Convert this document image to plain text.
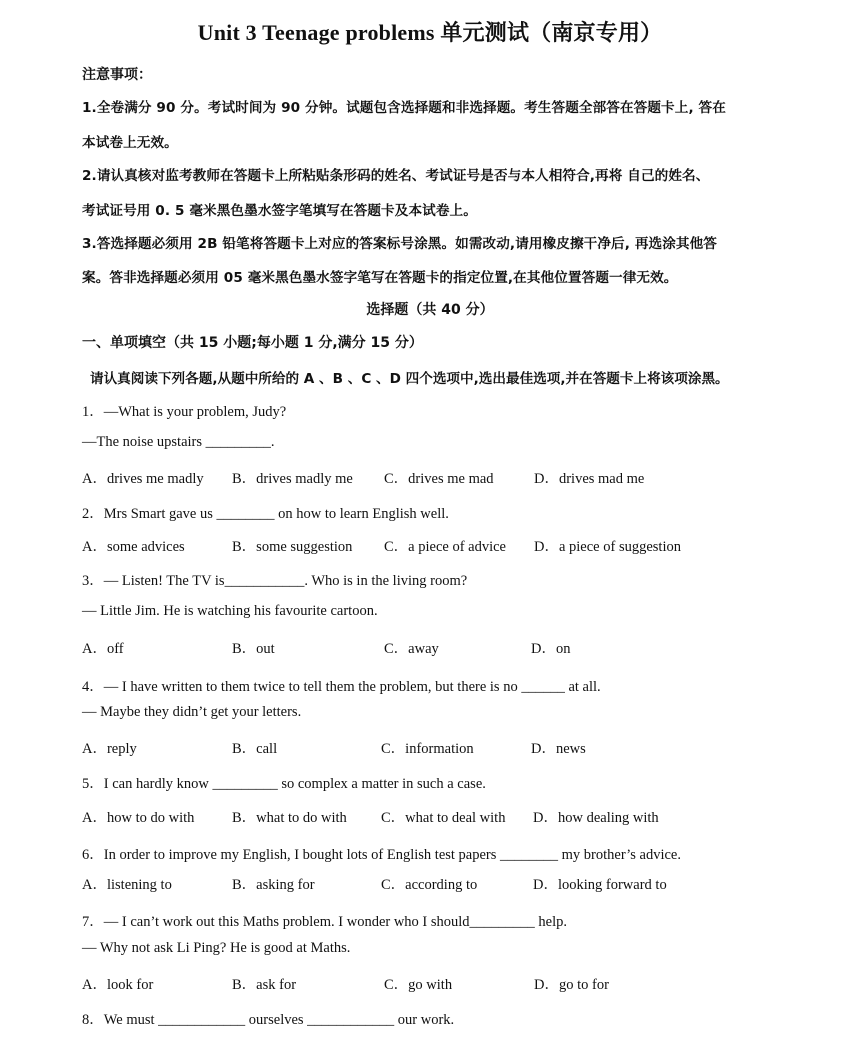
Unit 3 Teenage problems 单元测试（南京专用）
注意事项：
1.全卷满分 90 分。考试时间为 90 分钟。试题包含选择题和非选择题。考生答题全部答在答题卡上, 答在
本试卷上无效。
2.请认真核对监考教师在答题卡上所粘贴条形码的姓名、考试证号是否与本人相符合,再将 自己的姓名、
考试证号用 0. 5 毫米黑色墨水签字笔填写在答题卡及本试卷上。
3.答选择题必须用 2B 铅笔将答题卡上对应的答案标号涂黑。如需改动,请用橡皮擦干净后, 再选涂其他答
案。答非选择题必须用 05 毫米黑色墨水签字笔写在答题卡的指定位置,在其他位置答题一律无效。
选择题（共 40 分）
一、单项填空（共 15 小题;每小题 1 分,满分 15 分）
请认真阅读下列各题,从题中所给的 A 、B 、C 、D 四个选项中,选出最佳选项,并在答题卡上将该项涂黑。
1．—What is your problem, Judy?
—The noise upstairs _________.
A．drives me madly B．drives madly me C．drives me mad	D．drives mad me
2．Mrs Smart gave us ________ on how to learn English well.
A．some advices	B．some suggestion C．a piece of advice D．a piece of suggestion
3．— Listen! The TV is___________. Who is in the living room?
— Little Jim. He is watching his favourite cartoon.
A．off	B．out	C．away	D．on
4．— I have written to them twice to tell them the problem, but there is no ______ at all.
— Maybe they didn’t get your letters.
A．reply	B．call	C．information	D．news
5．I can hardly know _________ so complex a matter in such a case.
A．how to do with	B．what to do with C．what to deal with D．how dealing with
6．In order to improve my English, I bought lots of English test papers ________ my brother’s advice.
A．listening to	B．asking for	C．according to	D．looking forward to
7．— I can’t work out this Maths problem. I wonder who I should_________ help.
— Why not ask Li Ping? He is good at Maths.
A．look for	B．ask for	C．go with	D．go to for
8．We must ____________ ourselves ____________ our work.
